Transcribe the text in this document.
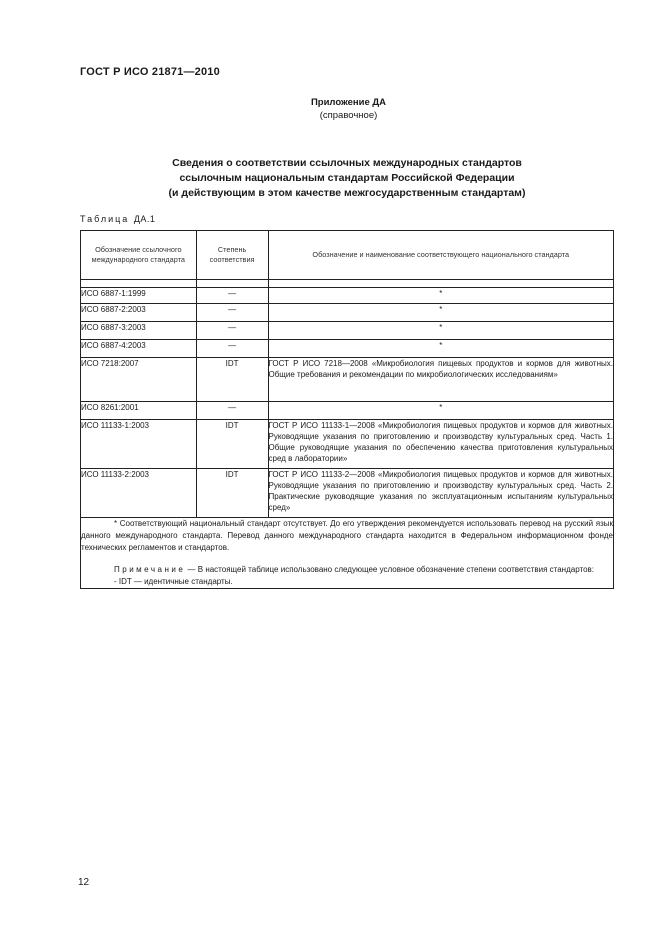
ГОСТ Р ИСО 21871—2010
Приложение ДА
(справочное)
Сведения о соответствии ссылочных международных стандартов
ссылочным национальным стандартам Российской Федерации
(и действующим в этом качестве межгосударственным стандартам)
Таблица ДА.1
Обозначение ссылочного международного стандарта	Степень соответствия	Обозначение и наименование соответствующего национального стандарта

ИСО 6887-1:1999	—	*
ИСО 6887-2:2003	—	*
ИСО 6887-3:2003	—	*
ИСО 6887-4:2003	—	*
ИСО 7218:2007	IDT	ГОСТ Р ИСО 7218—2008 «Микробиология пищевых продуктов и кормов для животных. Общие требования и рекомендации по микробиологических исследованиям»
ИСО 8261:2001	—	*
ИСО 11133-1:2003	IDT	ГОСТ Р ИСО 11133-1—2008 «Микробиология пищевых продуктов и кормов для животных. Руководящие указания по приготовлению и производству культуральных сред. Часть 1. Общие руководящие указания по обеспечению качества приготовления культуральных сред в лаборатории»
ИСО 11133-2:2003	IDT	ГОСТ Р ИСО 11133-2—2008 «Микробиология пищевых продуктов и кормов для животных. Руководящие указания по приготовлению и производству культуральных сред. Часть 2. Практические руководящие указания по эксплуатационным испытаниям культуральных сред»

* Соответствующий национальный стандарт отсутствует. До его утверждения рекомендуется использовать перевод на русский язык данного международного стандарта. Перевод данного международного стандарта находится в Федеральном информационном фонде технических регламентов и стандартов.

Примечание — В настоящей таблице использовано следующее условное обозначение степени соответствия стандартов:

- IDT — идентичные стандарты.		

12
